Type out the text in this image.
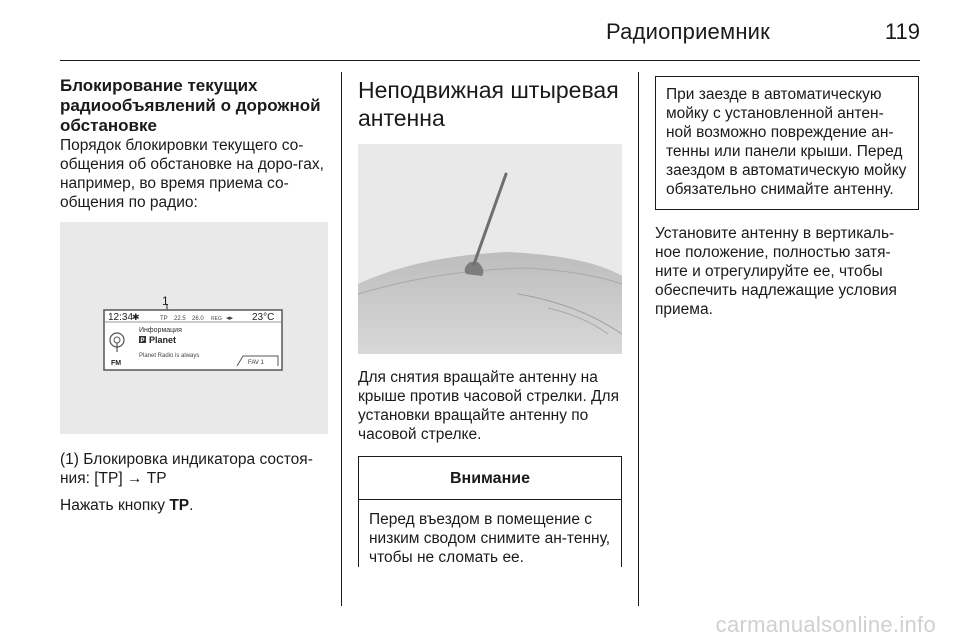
Радиоприемник	119
Блокирование текущих радиообъявлений о дорожной обстановке

Порядок блокировки текущего со-общения об обстановке на доро-гах, например, во время приема со-общения по радио:

12:34
✱	TP 22.5 26.0 REG ◂▸ 23°C
FM
Информация
P Planet
Planet Radio is always
FAV 1
1

(1) Блокировка индикатора состоя-ния: [TP] → TP

Нажать кнопку TP.

Неподвижная штыревая антенна

Для снятия вращайте антенну на крыше против часовой стрелки. Для установки вращайте антенну по часовой стрелке.

Внимание
Перед въездом в помещение с низким сводом снимите ан-тенну, чтобы не сломать ее.

При заезде в автоматическую мойку с установленной антен-ной возможно повреждение ан-тенны или панели крыши. Перед заездом в автоматическую мойку обязательно снимайте антенну.

Установите антенну в вертикаль-ное положение, полностью затя-ните и отрегулируйте ее, чтобы обеспечить надлежащие условия приема.

carmanualsonline.info
